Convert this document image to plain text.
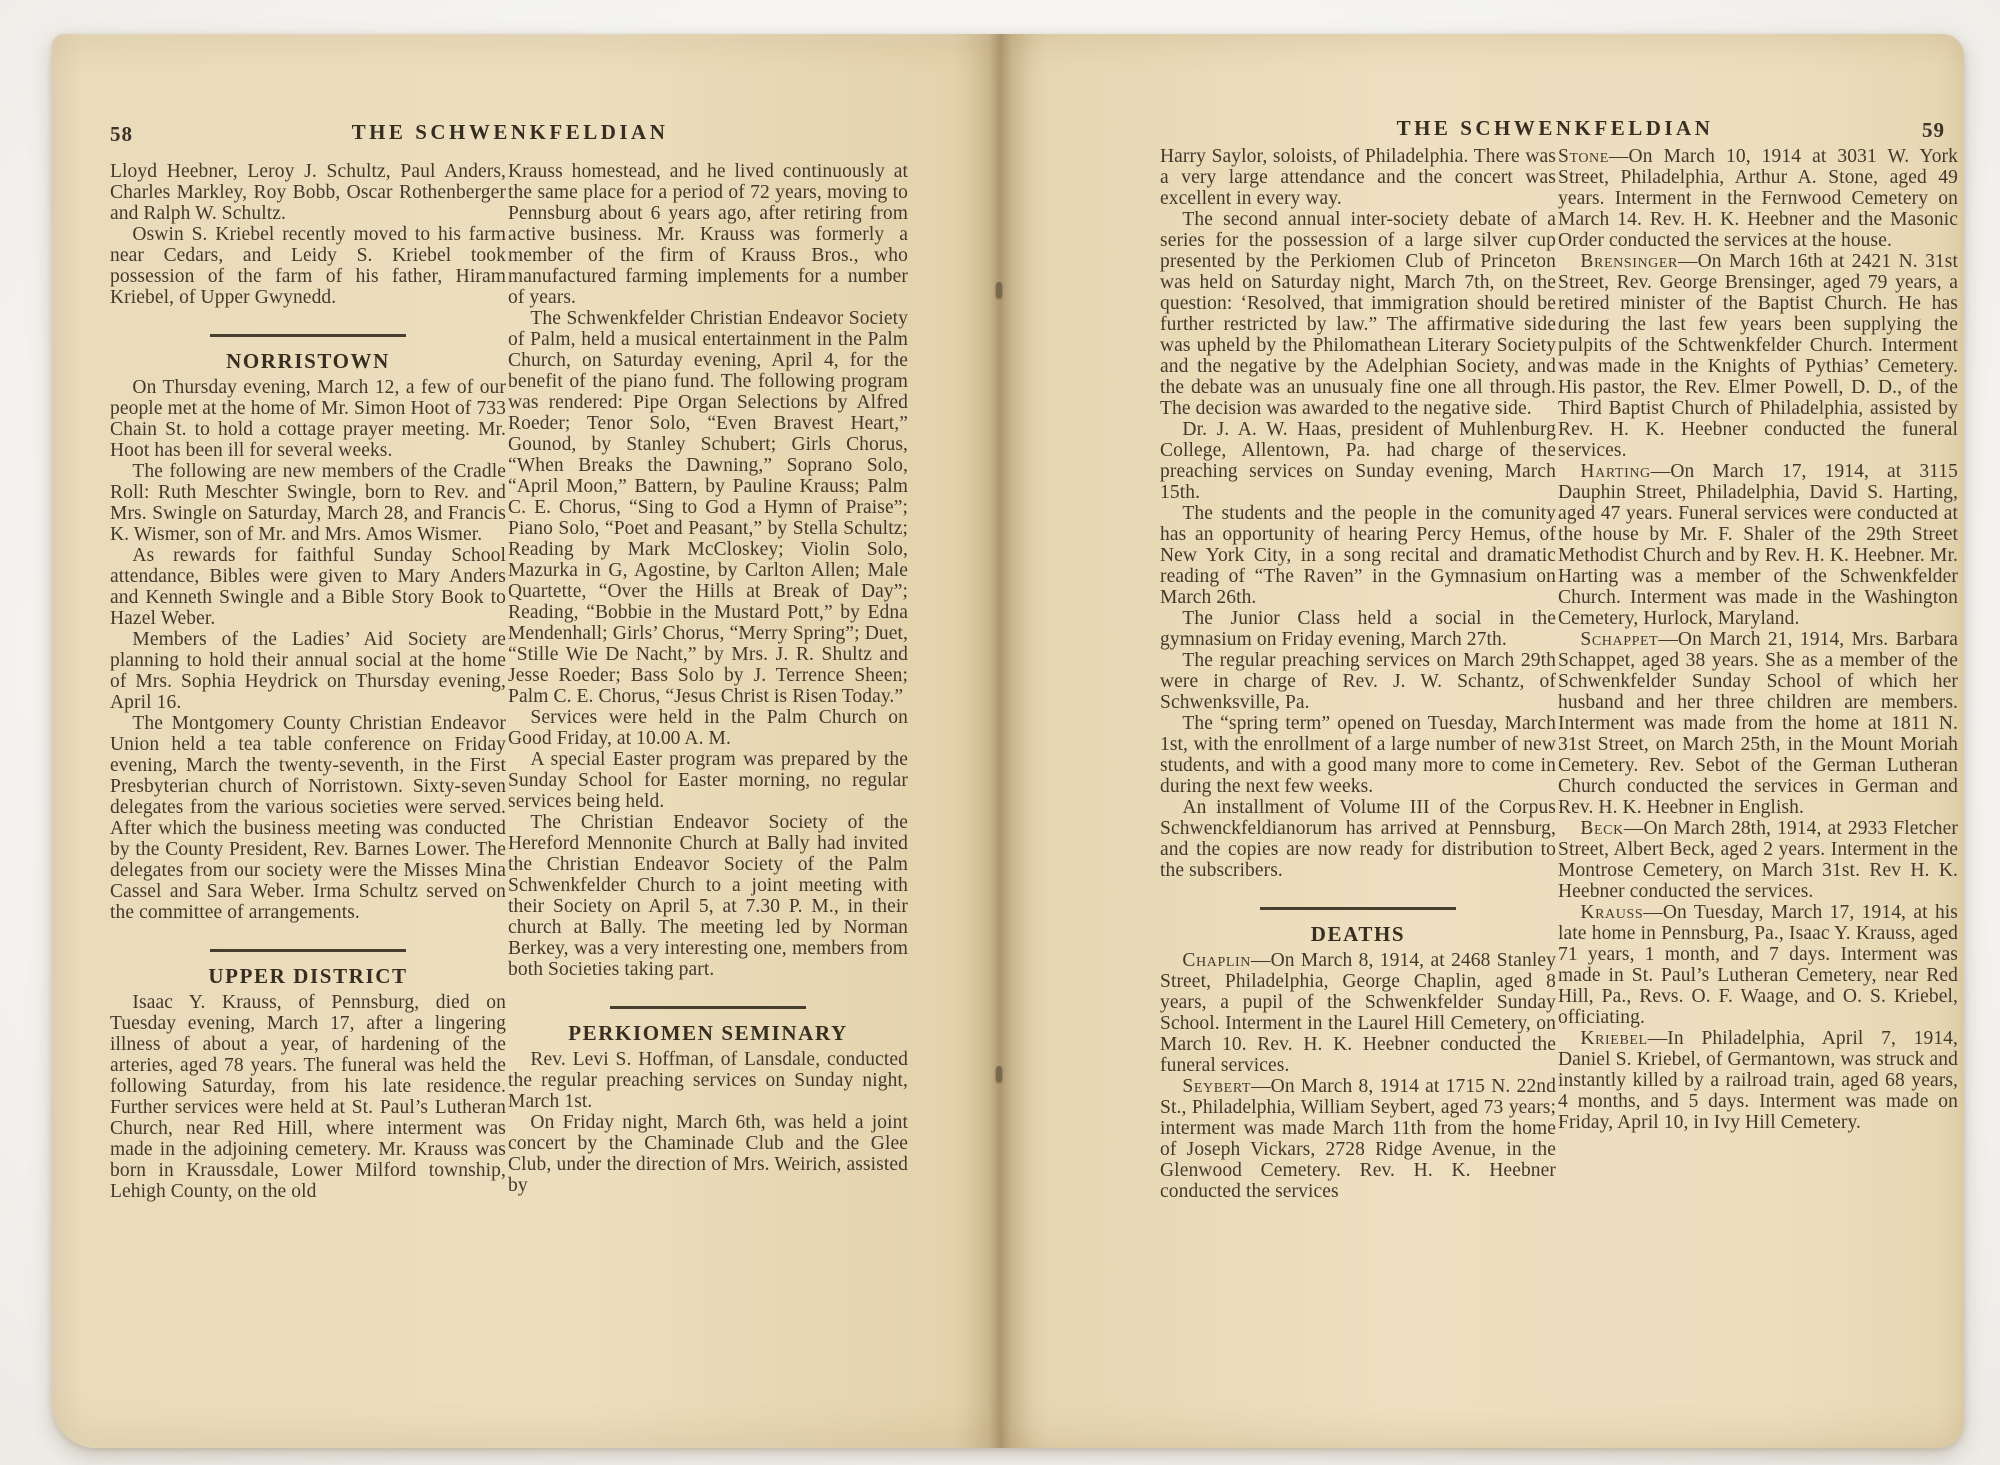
58	THE SCHWENKFELDIAN

Lloyd Heebner, Leroy J. Schultz, Paul Anders, Charles Markley, Roy Bobb, Oscar Rothenberger and Ralph W. Schultz.

Oswin S. Kriebel recently moved to his farm near Cedars, and Leidy S. Kriebel took possession of the farm of his father, Hiram Kriebel, of Upper Gwynedd.

NORRISTOWN

On Thursday evening, March 12, a few of our people met at the home of Mr. Simon Hoot of 733 Chain St. to hold a cottage prayer meeting. Mr. Hoot has been ill for several weeks.

The following are new members of the Cradle Roll: Ruth Meschter Swingle, born to Rev. and Mrs. Swingle on Saturday, March 28, and Francis K. Wismer, son of Mr. and Mrs. Amos Wismer.

As rewards for faithful Sunday School attendance, Bibles were given to Mary Anders and Kenneth Swingle and a Bible Story Book to Hazel Weber.

Members of the Ladies’ Aid Society are planning to hold their annual social at the home of Mrs. Sophia Heydrick on Thursday evening, April 16.

The Montgomery County Christian Endeavor Union held a tea table conference on Friday evening, March the twenty-seventh, in the First Presbyterian church of Norristown. Sixty-seven delegates from the various societies were served. After which the business meeting was conducted by the County President, Rev. Barnes Lower. The delegates from our society were the Misses Mina Cassel and Sara Weber. Irma Schultz served on the committee of arrangements.

UPPER DISTRICT

Isaac Y. Krauss, of Pennsburg, died on Tuesday evening, March 17, after a lingering illness of about a year, of hardening of the arteries, aged 78 years. The funeral was held the following Saturday, from his late residence. Further services were held at St. Paul’s Lutheran Church, near Red Hill, where interment was made in the adjoining cemetery. Mr. Krauss was born in Kraussdale, Lower Milford township, Lehigh County, on the old

Krauss homestead, and he lived continuously at the same place for a period of 72 years, moving to Pennsburg about 6 years ago, after retiring from active business. Mr. Krauss was formerly a member of the firm of Krauss Bros., who manufactured farming implements for a number of years.

The Schwenkfelder Christian Endeavor Society of Palm, held a musical entertainment in the Palm Church, on Saturday evening, April 4, for the benefit of the piano fund. The following program was rendered: Pipe Organ Selections by Alfred Roeder; Tenor Solo, “Even Bravest Heart,” Gounod, by Stanley Schubert; Girls Chorus, “When Breaks the Dawning,” Soprano Solo, “April Moon,” Battern, by Pauline Krauss; Palm C. E. Chorus, “Sing to God a Hymn of Praise”; Piano Solo, “Poet and Peasant,” by Stella Schultz; Reading by Mark McCloskey; Violin Solo, Mazurka in G, Agostine, by Carlton Allen; Male Quartette, “Over the Hills at Break of Day”; Reading, “Bobbie in the Mustard Pott,” by Edna Mendenhall; Girls’ Chorus, “Merry Spring”; Duet, “Stille Wie De Nacht,” by Mrs. J. R. Shultz and Jesse Roeder; Bass Solo by J. Terrence Sheen; Palm C. E. Chorus, “Jesus Christ is Risen Today.”

Services were held in the Palm Church on Good Friday, at 10.00 A. M.

A special Easter program was prepared by the Sunday School for Easter morning, no regular services being held.

The Christian Endeavor Society of the Hereford Mennonite Church at Bally had invited the Christian Endeavor Society of the Palm Schwenkfelder Church to a joint meeting with their Society on April 5, at 7.30 P. M., in their church at Bally. The meeting led by Norman Berkey, was a very interesting one, members from both Societies taking part.

PERKIOMEN SEMINARY

Rev. Levi S. Hoffman, of Lansdale, conducted the regular preaching services on Sunday night, March 1st.

On Friday night, March 6th, was held a joint concert by the Chaminade Club and the Glee Club, under the direction of Mrs. Weirich, assisted by

THE SCHWENKFELDIAN	59

Harry Saylor, soloists, of Philadelphia. There was a very large attendance and the concert was excellent in every way.

The second annual inter-society debate of a series for the possession of a large silver cup presented by the Perkiomen Club of Princeton was held on Saturday night, March 7th, on the question: ‘Resolved, that immigration should be further restricted by law.” The affirmative side was upheld by the Philomathean Literary Society and the negative by the Adelphian Society, and the debate was an unusualy fine one all through. The decision was awarded to the negative side.

Dr. J. A. W. Haas, president of Muhlenburg College, Allentown, Pa. had charge of the preaching services on Sunday evening, March 15th.

The students and the people in the comunity has an opportunity of hearing Percy Hemus, of New York City, in a song recital and dramatic reading of “The Raven” in the Gymnasium on March 26th.

The Junior Class held a social in the gymnasium on Friday evening, March 27th.

The regular preaching services on March 29th were in charge of Rev. J. W. Schantz, of Schwenksville, Pa.

The “spring term” opened on Tuesday, March 1st, with the enrollment of a large number of new students, and with a good many more to come in during the next few weeks.

An installment of Volume III of the Corpus Schwenckfeldianorum has arrived at Pennsburg, and the copies are now ready for distribution to the subscribers.

DEATHS

Chaplin—On March 8, 1914, at 2468 Stanley Street, Philadelphia, George Chaplin, aged 8 years, a pupil of the Schwenkfelder Sunday School. Interment in the Laurel Hill Cemetery, on March 10. Rev. H. K. Heebner conducted the funeral services.

Seybert—On March 8, 1914 at 1715 N. 22nd St., Philadelphia, William Seybert, aged 73 years; interment was made March 11th from the home of Joseph Vickars, 2728 Ridge Avenue, in the Glenwood Cemetery. Rev. H. K. Heebner conducted the services

Stone—On March 10, 1914 at 3031 W. York Street, Philadelphia, Arthur A. Stone, aged 49 years. Interment in the Fernwood Cemetery on March 14. Rev. H. K. Heebner and the Masonic Order conducted the services at the house.

Brensinger—On March 16th at 2421 N. 31st Street, Rev. George Brensinger, aged 79 years, a retired minister of the Baptist Church. He has during the last few years been supplying the pulpits of the Schtwenkfelder Church. Interment was made in the Knights of Pythias’ Cemetery. His pastor, the Rev. Elmer Powell, D. D., of the Third Baptist Church of Philadelphia, assisted by Rev. H. K. Heebner conducted the funeral services.

Harting—On March 17, 1914, at 3115 Dauphin Street, Philadelphia, David S. Harting, aged 47 years. Funeral services were conducted at the house by Mr. F. Shaler of the 29th Street Methodist Church and by Rev. H. K. Heebner. Mr. Harting was a member of the Schwenkfelder Church. Interment was made in the Washington Cemetery, Hurlock, Maryland.

Schappet—On March 21, 1914, Mrs. Barbara Schappet, aged 38 years. She as a member of the Schwenkfelder Sunday School of which her husband and her three children are members. Interment was made from the home at 1811 N. 31st Street, on March 25th, in the Mount Moriah Cemetery. Rev. Sebot of the German Lutheran Church conducted the services in German and Rev. H. K. Heebner in English.

Beck—On March 28th, 1914, at 2933 Fletcher Street, Albert Beck, aged 2 years. Interment in the Montrose Cemetery, on March 31st. Rev H. K. Heebner conducted the services.

Krauss—On Tuesday, March 17, 1914, at his late home in Pennsburg, Pa., Isaac Y. Krauss, aged 71 years, 1 month, and 7 days. Interment was made in St. Paul’s Lutheran Cemetery, near Red Hill, Pa., Revs. O. F. Waage, and O. S. Kriebel, officiating.

Kriebel—In Philadelphia, April 7, 1914, Daniel S. Kriebel, of Germantown, was struck and instantly killed by a railroad train, aged 68 years, 4 months, and 5 days. Interment was made on Friday, April 10, in Ivy Hill Cemetery.
